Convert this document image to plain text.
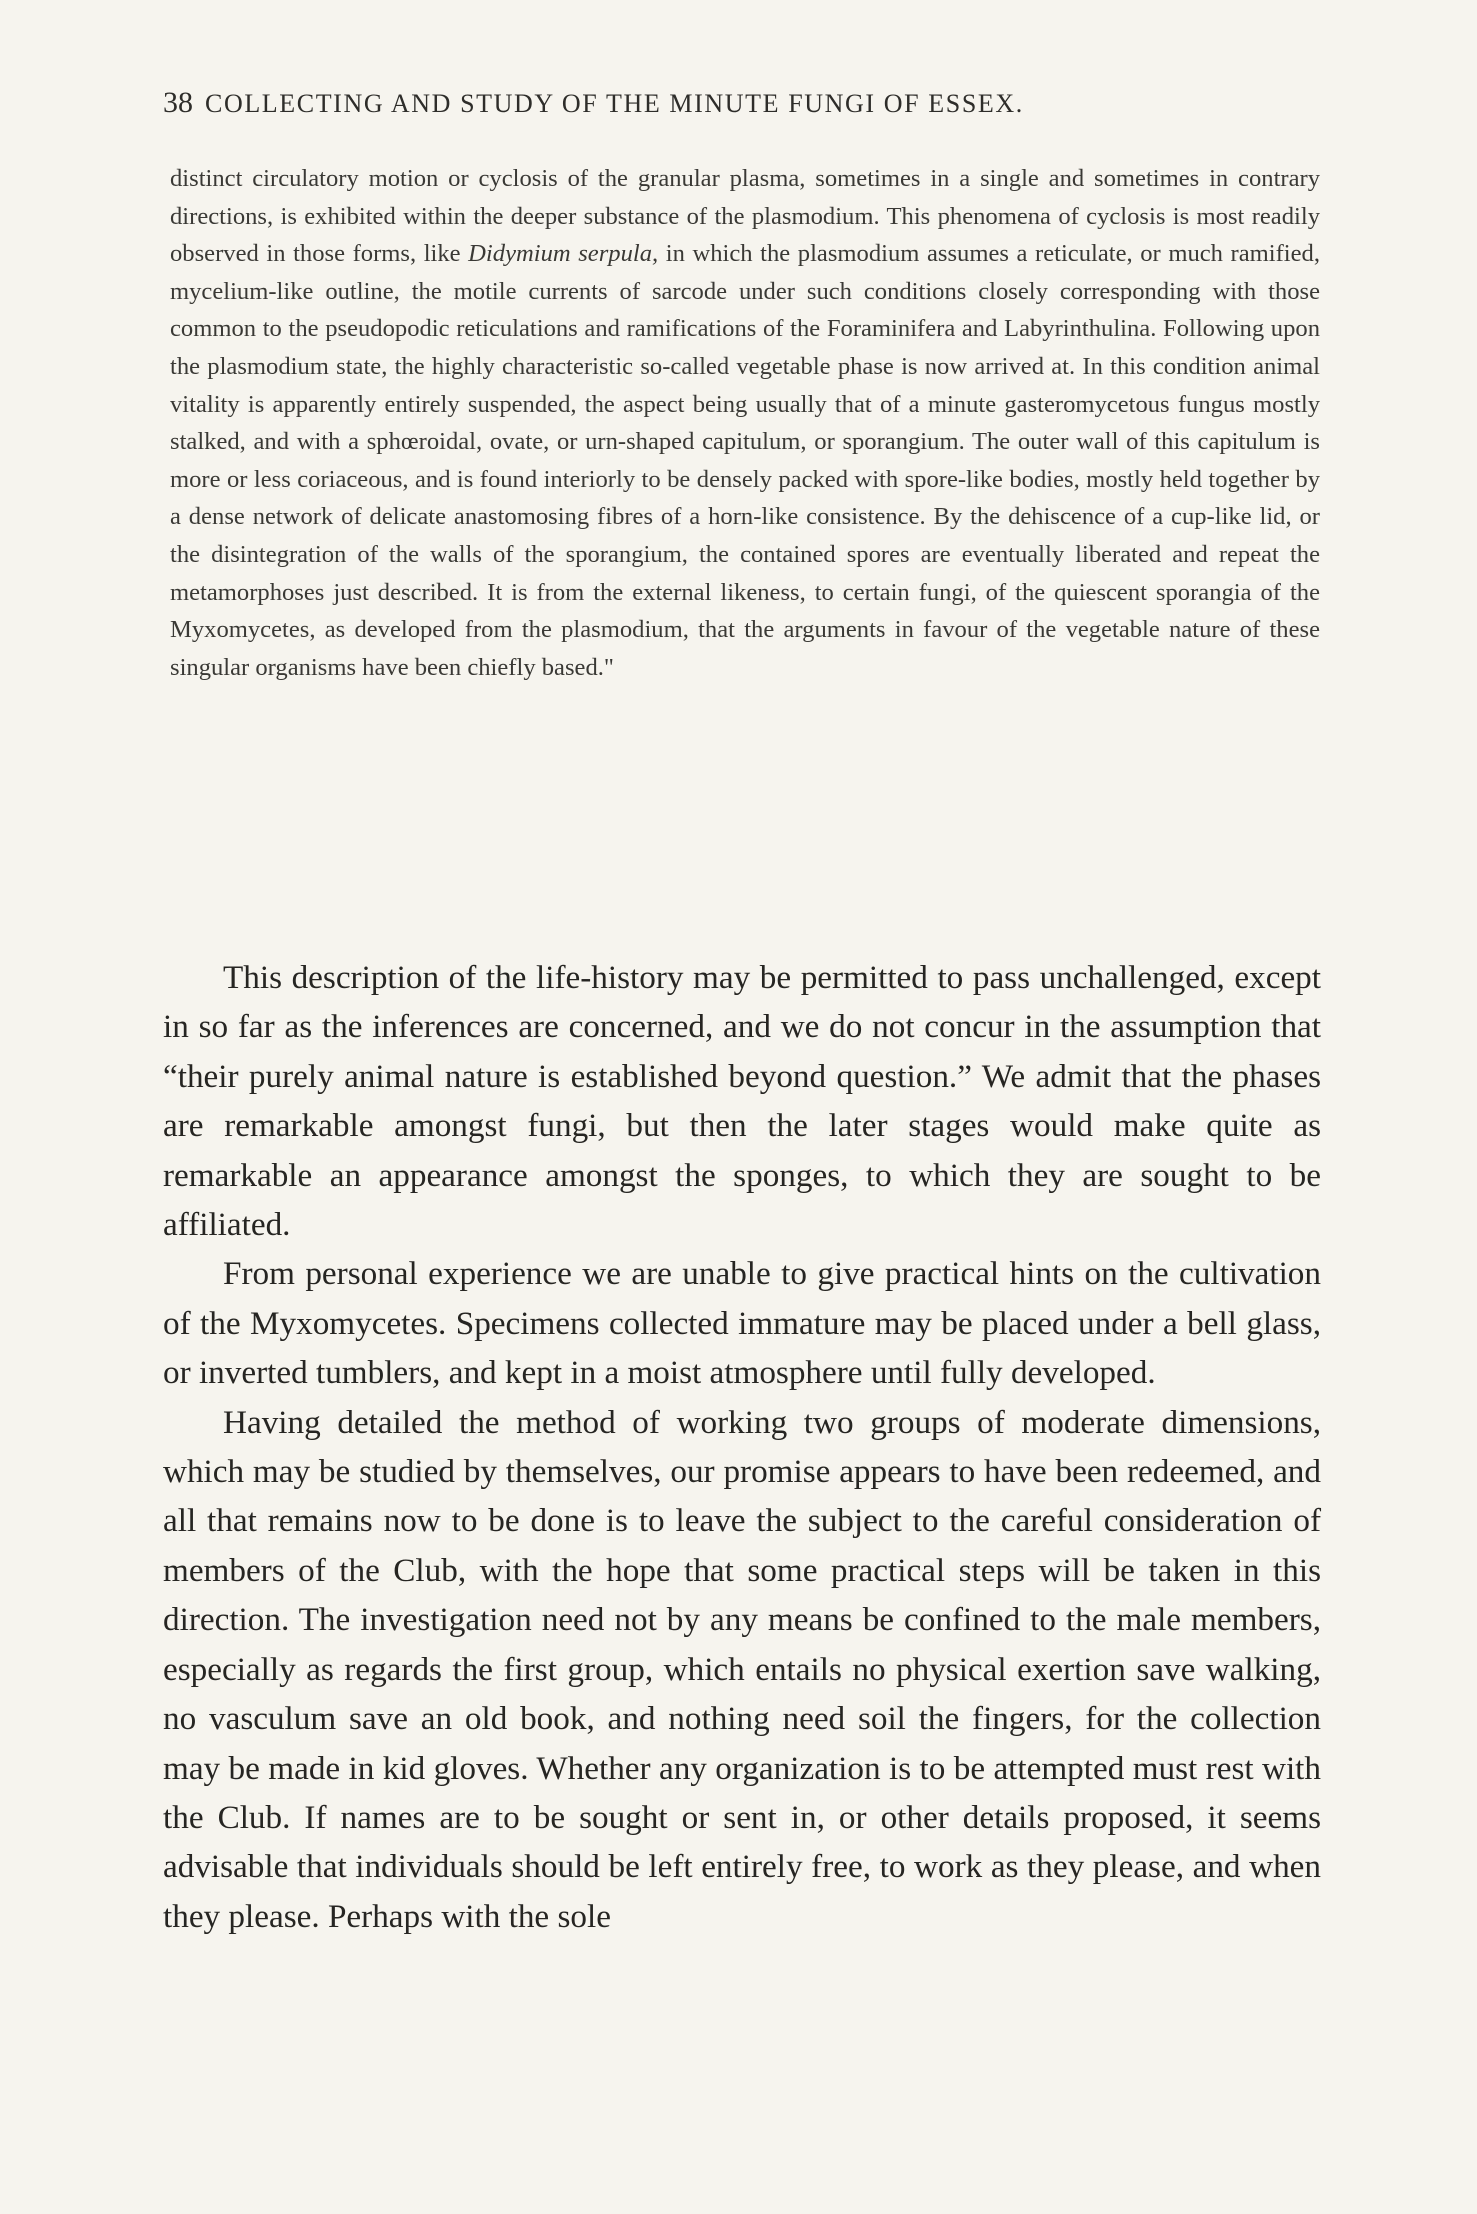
38 COLLECTING AND STUDY OF THE MINUTE FUNGI OF ESSEX.

distinct circulatory motion or cyclosis of the granular plasma, sometimes in a single and sometimes in contrary directions, is exhibited within the deeper substance of the plasmodium. This phenomena of cyclosis is most readily observed in those forms, like Didymium serpula, in which the plasmodium assumes a reticulate, or much ramified, mycelium-like outline, the motile currents of sarcode under such conditions closely corresponding with those common to the pseudopodic reticulations and ramifications of the Foraminifera and Labyrinthulina. Following upon the plasmodium state, the highly characteristic so-called vegetable phase is now arrived at. In this condition animal vitality is apparently entirely suspended, the aspect being usually that of a minute gasteromycetous fungus mostly stalked, and with a sphœroidal, ovate, or urn-shaped capitulum, or sporangium. The outer wall of this capitulum is more or less coriaceous, and is found interiorly to be densely packed with spore-like bodies, mostly held together by a dense network of delicate anastomosing fibres of a horn-like consistence. By the dehiscence of a cup-like lid, or the disintegration of the walls of the sporangium, the contained spores are eventually liberated and repeat the metamorphoses just described. It is from the external likeness, to certain fungi, of the quiescent sporangia of the Myxomycetes, as developed from the plasmodium, that the arguments in favour of the vegetable nature of these singular organisms have been chiefly based."

This description of the life-history may be permitted to pass unchallenged, except in so far as the inferences are concerned, and we do not concur in the assumption that “their purely animal nature is established beyond question.” We admit that the phases are remarkable amongst fungi, but then the later stages would make quite as remarkable an appearance amongst the sponges, to which they are sought to be affiliated.

From personal experience we are unable to give practical hints on the cultivation of the Myxomycetes. Specimens collected immature may be placed under a bell glass, or inverted tumblers, and kept in a moist atmosphere until fully developed.

Having detailed the method of working two groups of moderate dimensions, which may be studied by themselves, our promise appears to have been redeemed, and all that remains now to be done is to leave the subject to the careful consideration of members of the Club, with the hope that some practical steps will be taken in this direction. The investigation need not by any means be confined to the male members, especially as regards the first group, which entails no physical exertion save walking, no vasculum save an old book, and nothing need soil the fingers, for the collection may be made in kid gloves. Whether any organization is to be attempted must rest with the Club. If names are to be sought or sent in, or other details proposed, it seems advisable that individuals should be left entirely free, to work as they please, and when they please. Perhaps with the sole
